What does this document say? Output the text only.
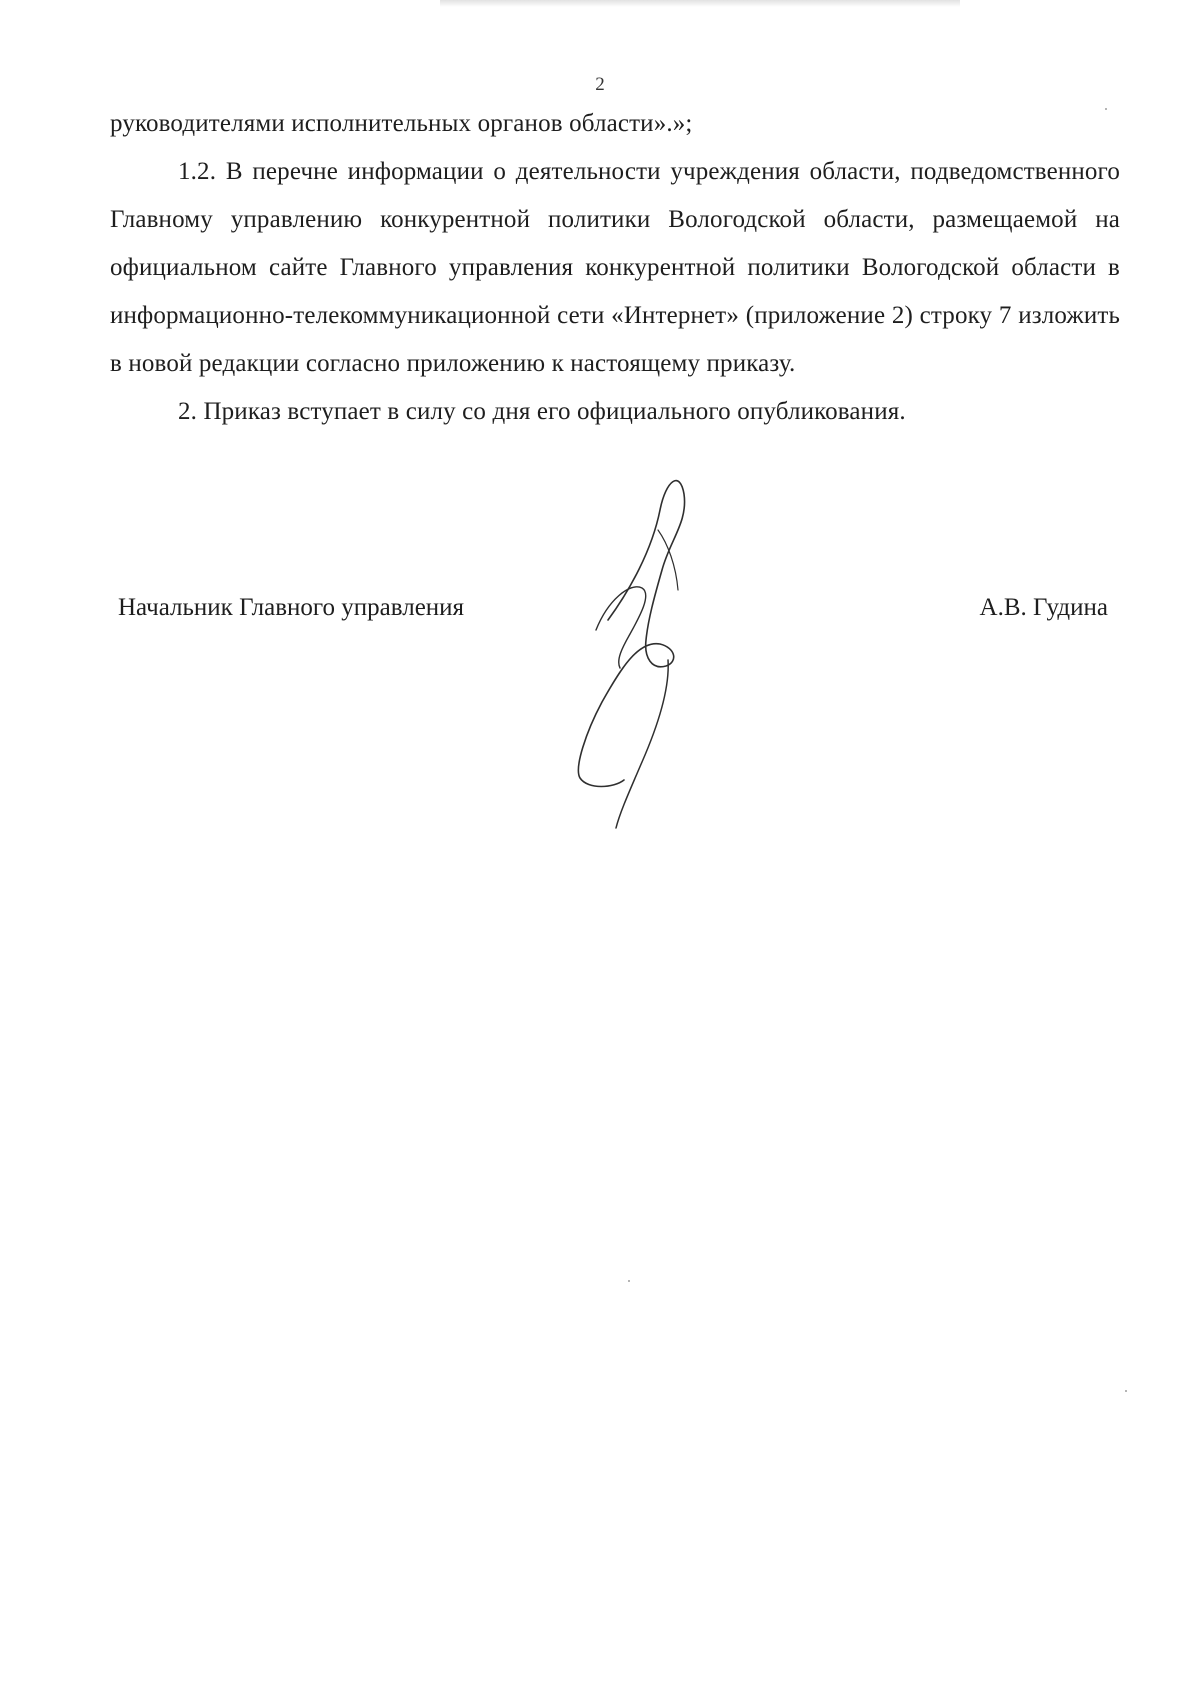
2

руководителями исполнительных органов области».»;

1.2. В перечне информации о деятельности учреждения области, подведомственного Главному управлению конкурентной политики Вологодской области, размещаемой на официальном сайте Главного управления конкурентной политики Вологодской области в информационно-телекоммуникационной сети «Интернет» (приложение 2) строку 7 изложить в новой редакции согласно приложению к настоящему приказу.

2. Приказ вступает в силу со дня его официального опубликования.

Начальник Главного управления	А.В. Гудина
